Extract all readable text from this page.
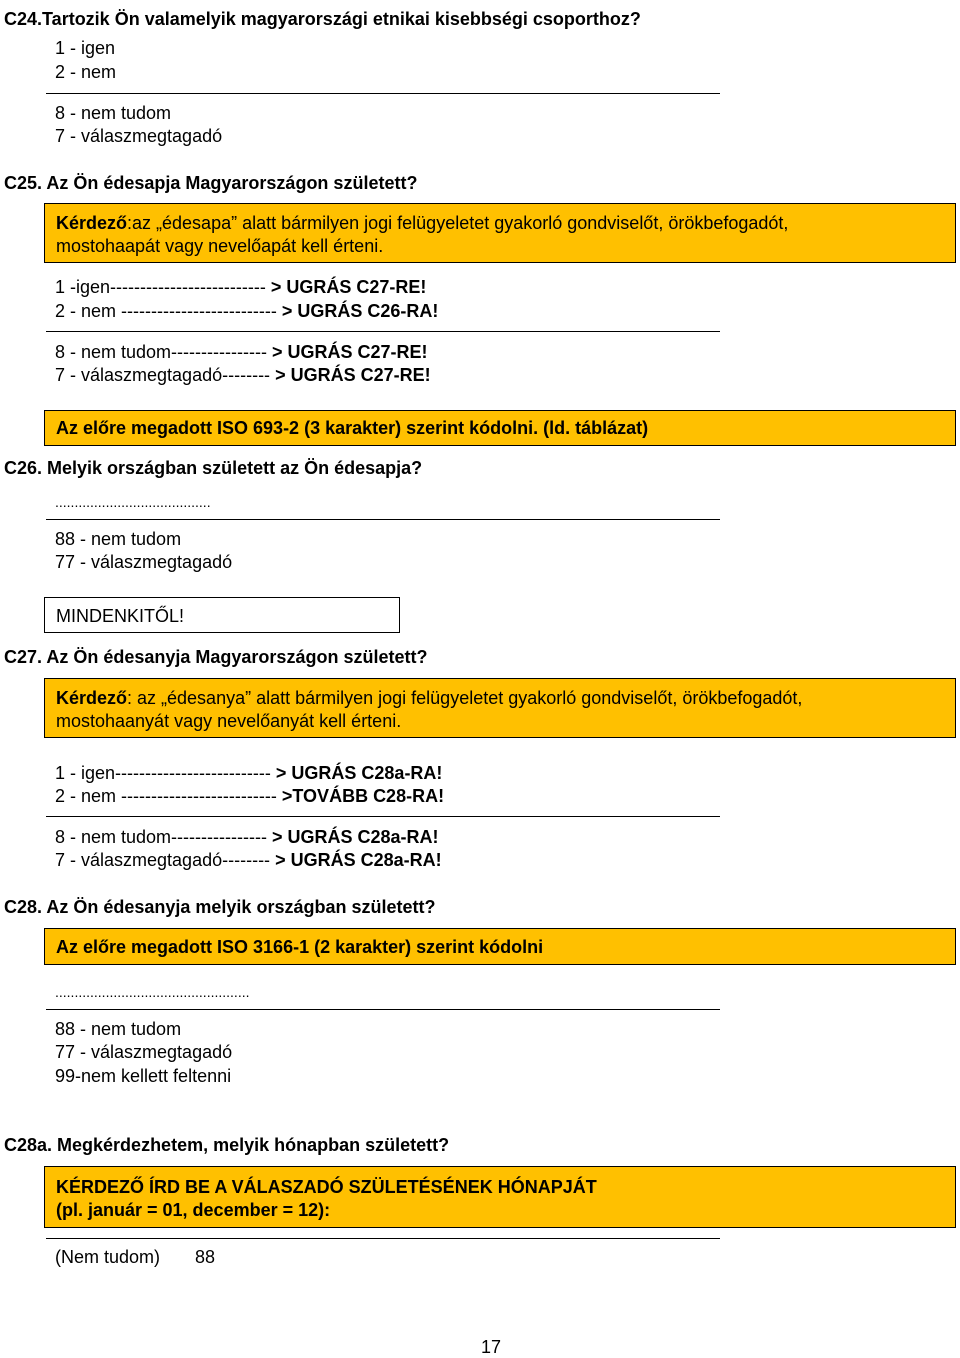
C24.Tartozik Ön valamelyik magyarországi etnikai kisebbségi csoporthoz?
1 - igen
2 - nem
8 - nem tudom
7 - válaszmegtagadó
C25. Az Ön édesapja Magyarországon született?
Kérdező:az „édesapa” alatt bármilyen jogi felügyeletet gyakorló gondviselőt, örökbefogadót,
mostohaapát vagy nevelőapát kell érteni.
1 -igen-------------------------- > UGRÁS C27-RE!
2 - nem -------------------------- > UGRÁS C26-RA!
8 - nem tudom---------------- > UGRÁS C27-RE!
7 - válaszmegtagadó-------- > UGRÁS C27-RE!
Az előre megadott ISO 693-2 (3 karakter) szerint kódolni. (ld. táblázat)
C26. Melyik országban született az Ön édesapja?
........................................
88 - nem tudom
77 - válaszmegtagadó
MINDENKITŐL!
C27. Az Ön édesanyja Magyarországon született?
Kérdező: az „édesanya” alatt bármilyen jogi felügyeletet gyakorló gondviselőt, örökbefogadót,
mostohaanyát vagy nevelőanyát kell érteni.
1 - igen-------------------------- > UGRÁS C28a-RA!
2 - nem -------------------------- >TOVÁBB C28-RA!
8 - nem tudom---------------- > UGRÁS C28a-RA!
7 - válaszmegtagadó-------- > UGRÁS C28a-RA!
C28. Az Ön édesanyja melyik országban született?
Az előre megadott ISO 3166-1 (2 karakter) szerint kódolni
..................................................
88 - nem tudom
77 - válaszmegtagadó
99-nem kellett feltenni
C28a. Megkérdezhetem, melyik hónapban született?
KÉRDEZŐ ÍRD BE A VÁLASZADÓ SZÜLETÉSÉNEK HÓNAPJÁT
(pl. január = 01, december = 12):
(Nem tudom) 88
17
